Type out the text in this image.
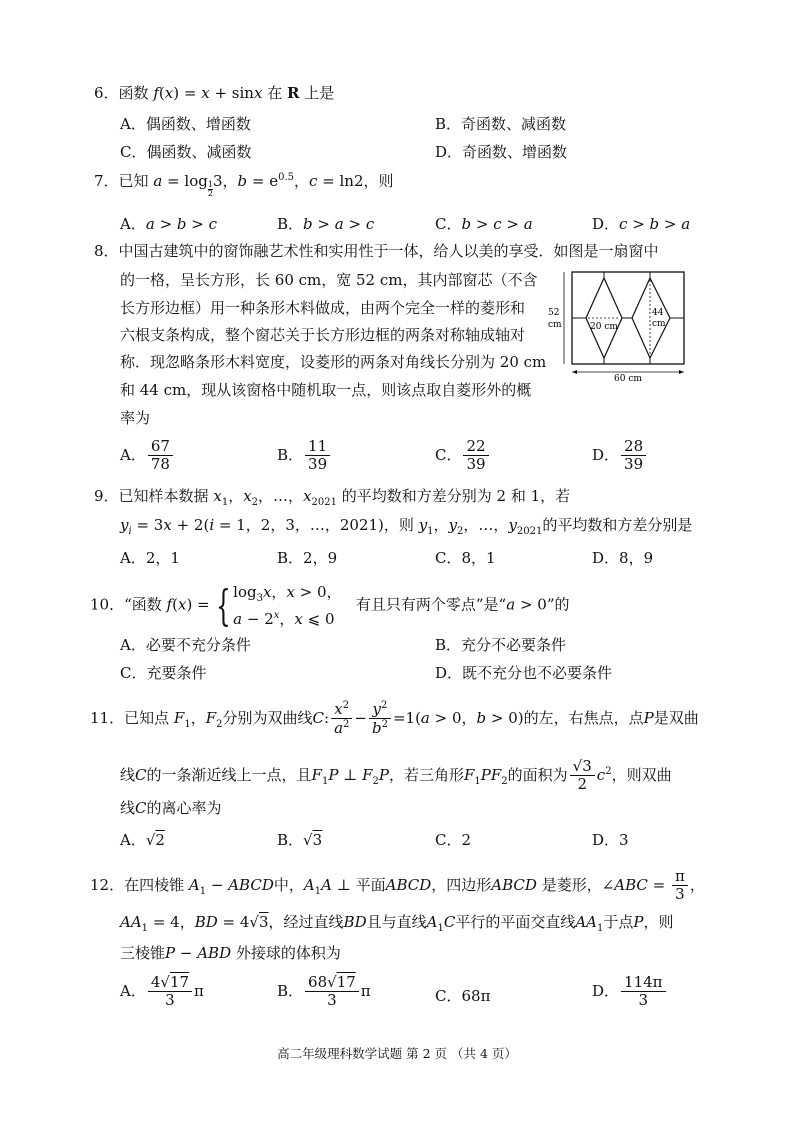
6．函数 f(x) = x + sinx 在 R 上是
A．偶函数、增函数	B．奇函数、减函数
C．偶函数、减函数	D．奇函数、增函数
7．已知 $a = \log \frac{1}{2} 3$，$b = e^{0.5}$，c = ln2，则
A．a > b > c	B．b > a > c	C．b > c > a	D．c > b > a
8．中国古建筑中的窗饰融艺术性和实用性于一体，给人以美的享受．如图是一扇窗中
的一格，呈长方形，长 60 cm，宽 52 cm，其内部窗芯（不含
长方形边框）用一种条形木料做成，由两个完全一样的菱形和
六根支条构成，整个窗芯关于长方形边框的两条对称轴成轴对
称．现忽略条形木料宽度，设菱形的两条对角线长分别为 20 cm
和 44 cm，现从该窗格中随机取一点，则该点取自菱形外的概
率为
52
cm	20 cm
44
cm
60 cm
A． $\frac{67}{78}$	B． $\frac{11}{39}$	C． $\frac{22}{39}$	D． $\frac{28}{39}$
9．已知样本数据 $x_1$，$x_2$，…，$x_{2021}$ 的平均数和方差分别为 2 和 1，若
$y_i = 3x + 2(i = 1$，2，3，…，2021)，则 $y_1$，$y_2$，…，$y_{2021}$的平均数和方差分别是
A．2，1	B．2，9	C．8，1	D．8，9
10．“函数 f(x) = { $\log_3x$，x > 0，
$a - 2^x$，x ⩽ 0
有且只有两个零点”是“a > 0”的
A．必要不充分条件	B．充分不必要条件
C．充要条件	D．既不充分也不必要条件
11．已知点 $F_1$，$F_2$分别为双曲线C: $\frac{x^2}{a^2} - \frac{y^2}{b^2} =1(a > 0$，b > 0)的左，右焦点，点P是双曲
线C的一条渐近线上一点，且$F_1P$ ⊥ $F_2P$，若三角形$F_1PF_2$的面积为 $\frac{√3}{2} c^2$，则双曲
线C的离心率为
A．√2	B．√3	C．2	D．3
12．在四棱锥 $A_1$ − ABCD中，$A_1A$ ⊥ 平面ABCD，四边形ABCD 是菱形，∠ABC = $\frac{\pi}{3}$ ，
$AA_1 = 4$，BD = 4√3，经过直线BD且与直线$A_1C$平行的平面交直线$AA_1$于点P，则
三棱锥P − ABD 外接球的体积为
A． $\frac{4√17}{3}$ π	B． $\frac{68√17}{3}$ π	C．68π	D． $\frac{114\pi}{3}$
高二年级理科数学试题 第 2 页 （共 4 页）
